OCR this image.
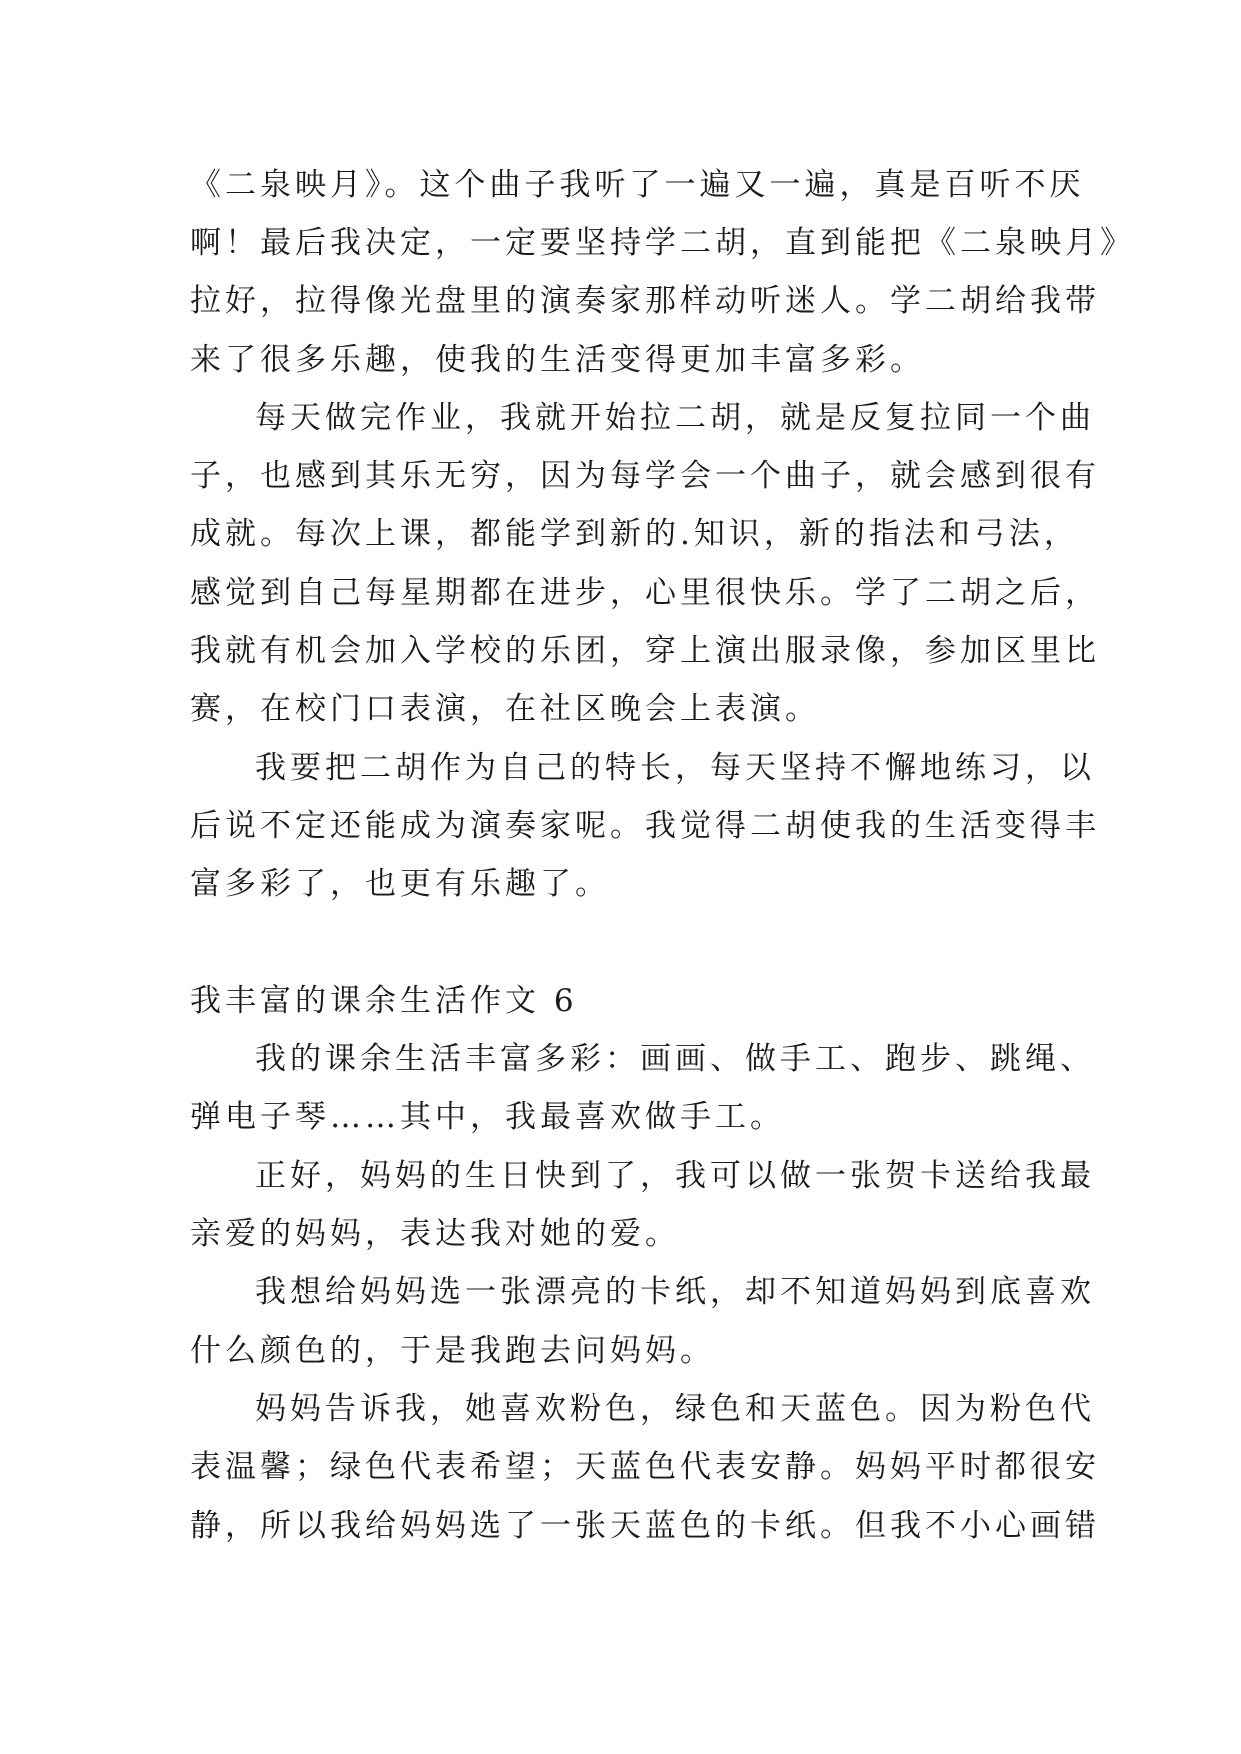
《二泉映月》。这个曲子我听了一遍又一遍，真是百听不厌
啊！最后我决定，一定要坚持学二胡，直到能把《二泉映月》
拉好，拉得像光盘里的演奏家那样动听迷人。学二胡给我带
来了很多乐趣，使我的生活变得更加丰富多彩。
每天做完作业，我就开始拉二胡，就是反复拉同一个曲
子，也感到其乐无穷，因为每学会一个曲子，就会感到很有
成就。每次上课，都能学到新的.知识，新的指法和弓法，
感觉到自己每星期都在进步，心里很快乐。学了二胡之后，
我就有机会加入学校的乐团，穿上演出服录像，参加区里比
赛，在校门口表演，在社区晚会上表演。
我要把二胡作为自己的特长，每天坚持不懈地练习，以
后说不定还能成为演奏家呢。我觉得二胡使我的生活变得丰
富多彩了，也更有乐趣了。
我丰富的课余生活作文 6
我的课余生活丰富多彩：画画、做手工、跑步、跳绳、
弹电子琴……其中，我最喜欢做手工。
正好，妈妈的生日快到了，我可以做一张贺卡送给我最
亲爱的妈妈，表达我对她的爱。
我想给妈妈选一张漂亮的卡纸，却不知道妈妈到底喜欢
什么颜色的，于是我跑去问妈妈。
妈妈告诉我，她喜欢粉色，绿色和天蓝色。因为粉色代
表温馨；绿色代表希望；天蓝色代表安静。妈妈平时都很安
静，所以我给妈妈选了一张天蓝色的卡纸。但我不小心画错
